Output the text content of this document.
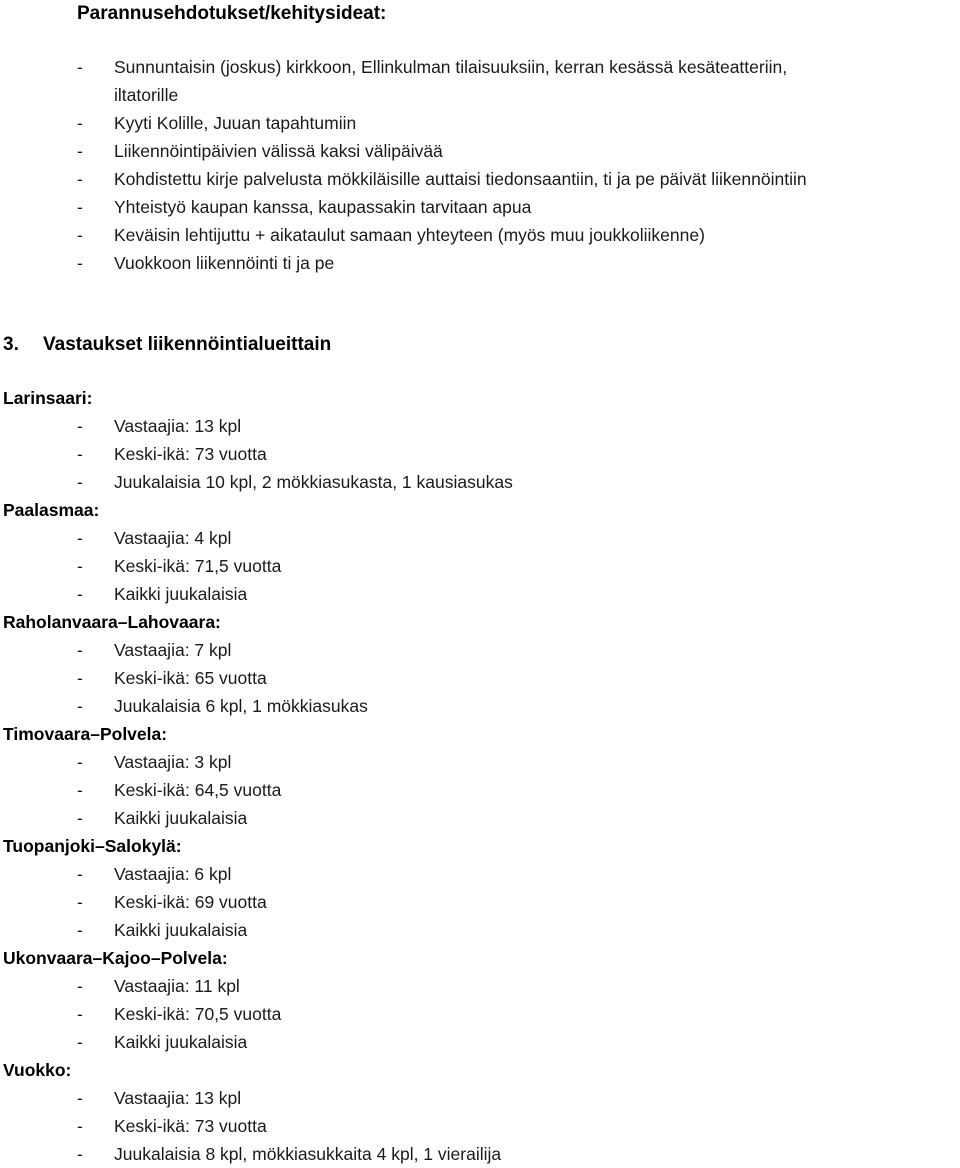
Parannusehdotukset/kehitysideat:
- Sunnuntaisin (joskus) kirkkoon, Ellinkulman tilaisuuksiin, kerran kesässä kesäteatteriin,
iltatorille
- Kyyti Kolille, Juuan tapahtumiin
- Liikennöintipäivien välissä kaksi välipäivää
- Kohdistettu kirje palvelusta mökkiläisille auttaisi tiedonsaantiin, ti ja pe päivät liikennöintiin
- Yhteistyö kaupan kanssa, kaupassakin tarvitaan apua
- Keväisin lehtijuttu + aikataulut samaan yhteyteen (myös muu joukkoliikenne)
- Vuokkoon liikennöinti ti ja pe
3. Vastaukset liikennöintialueittain

Larinsaari:

- Vastaajia: 13 kpl
- Keski-ikä: 73 vuotta
- Juukalaisia 10 kpl, 2 mökkiasukasta, 1 kausiasukas

Paalasmaa:

- Vastaajia: 4 kpl
- Keski-ikä: 71,5 vuotta
- Kaikki juukalaisia

Raholanvaara–Lahovaara:

- Vastaajia: 7 kpl
- Keski-ikä: 65 vuotta
- Juukalaisia 6 kpl, 1 mökkiasukas

Timovaara–Polvela:

- Vastaajia: 3 kpl
- Keski-ikä: 64,5 vuotta
- Kaikki juukalaisia

Tuopanjoki–Salokylä:

- Vastaajia: 6 kpl
- Keski-ikä: 69 vuotta
- Kaikki juukalaisia

Ukonvaara–Kajoo–Polvela:

- Vastaajia: 11 kpl
- Keski-ikä: 70,5 vuotta
- Kaikki juukalaisia

Vuokko:

- Vastaajia: 13 kpl
- Keski-ikä: 73 vuotta
- Juukalaisia 8 kpl, mökkiasukkaita 4 kpl, 1 vierailija
